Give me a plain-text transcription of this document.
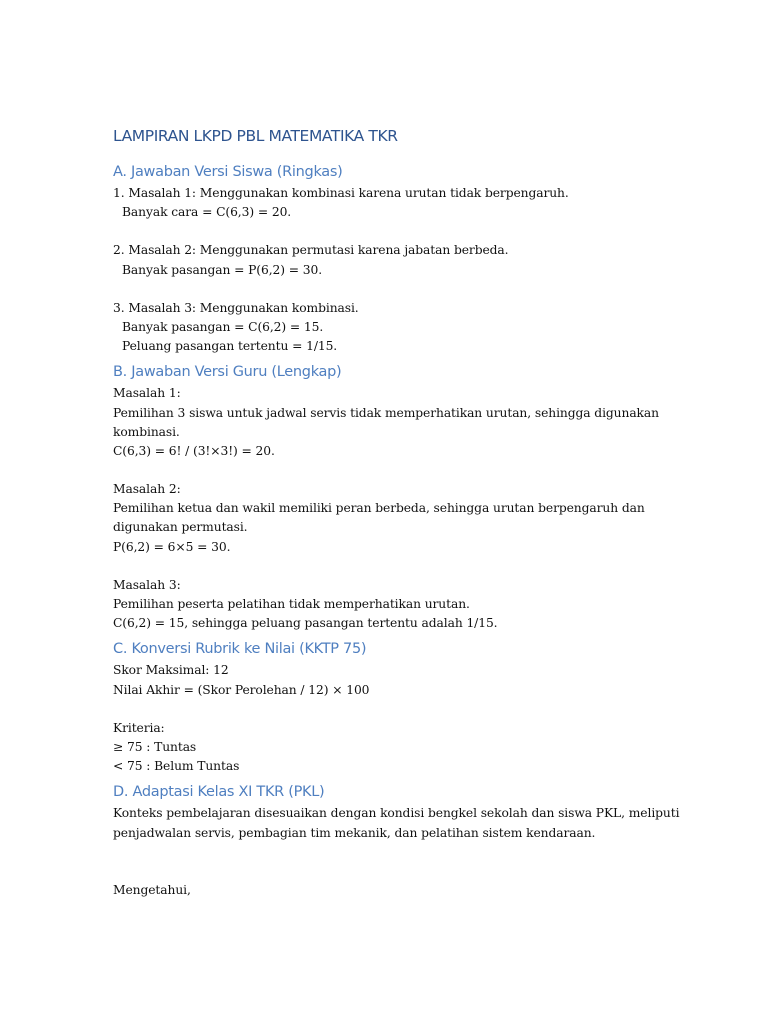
LAMPIRAN LKPD PBL MATEMATIKA TKR
A. Jawaban Versi Siswa (Ringkas)
1. Masalah 1: Menggunakan kombinasi karena urutan tidak berpengaruh.
Banyak cara = C(6,3) = 20.
2. Masalah 2: Menggunakan permutasi karena jabatan berbeda.
Banyak pasangan = P(6,2) = 30.
3. Masalah 3: Menggunakan kombinasi.
Banyak pasangan = C(6,2) = 15.
Peluang pasangan tertentu = 1/15.
B. Jawaban Versi Guru (Lengkap)
Masalah 1:
Pemilihan 3 siswa untuk jadwal servis tidak memperhatikan urutan, sehingga digunakan
kombinasi.
C(6,3) = 6! / (3!×3!) = 20.
Masalah 2:
Pemilihan ketua dan wakil memiliki peran berbeda, sehingga urutan berpengaruh dan
digunakan permutasi.
P(6,2) = 6×5 = 30.
Masalah 3:
Pemilihan peserta pelatihan tidak memperhatikan urutan.
C(6,2) = 15, sehingga peluang pasangan tertentu adalah 1/15.
C. Konversi Rubrik ke Nilai (KKTP 75)
Skor Maksimal: 12
Nilai Akhir = (Skor Perolehan / 12) × 100
Kriteria:
≥ 75 : Tuntas
< 75 : Belum Tuntas
D. Adaptasi Kelas XI TKR (PKL)
Konteks pembelajaran disesuaikan dengan kondisi bengkel sekolah dan siswa PKL, meliputi
penjadwalan servis, pembagian tim mekanik, dan pelatihan sistem kendaraan.
Mengetahui,
